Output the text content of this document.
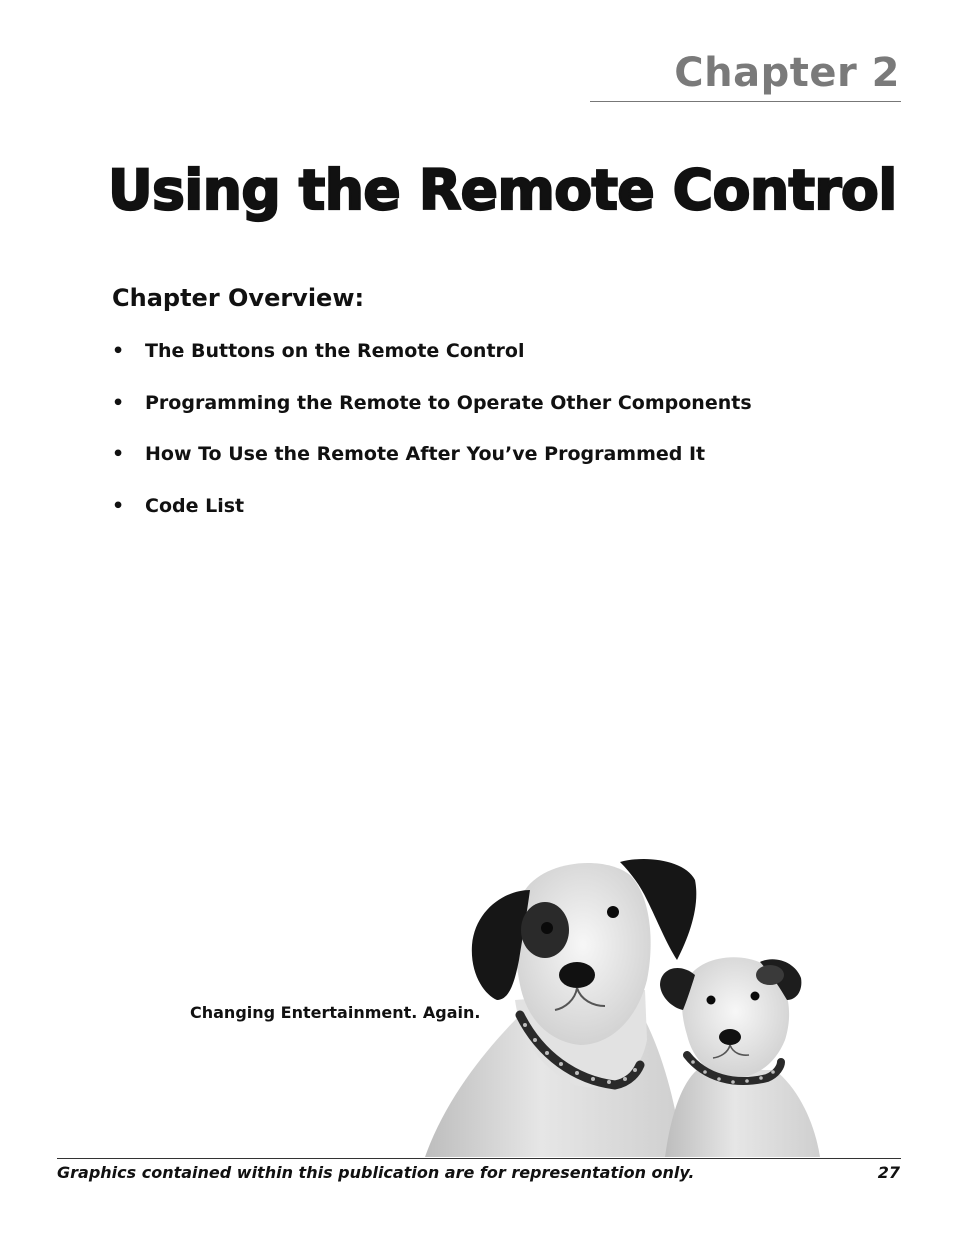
Chapter 2
Using the Remote Control
Chapter Overview:
• The Buttons on the Remote Control
• Programming the Remote to Operate Other Components
• How To Use the Remote After You’ve Programmed It
• Code List
Changing Entertainment. Again.
Graphics contained within this publication are for representation only.	27
